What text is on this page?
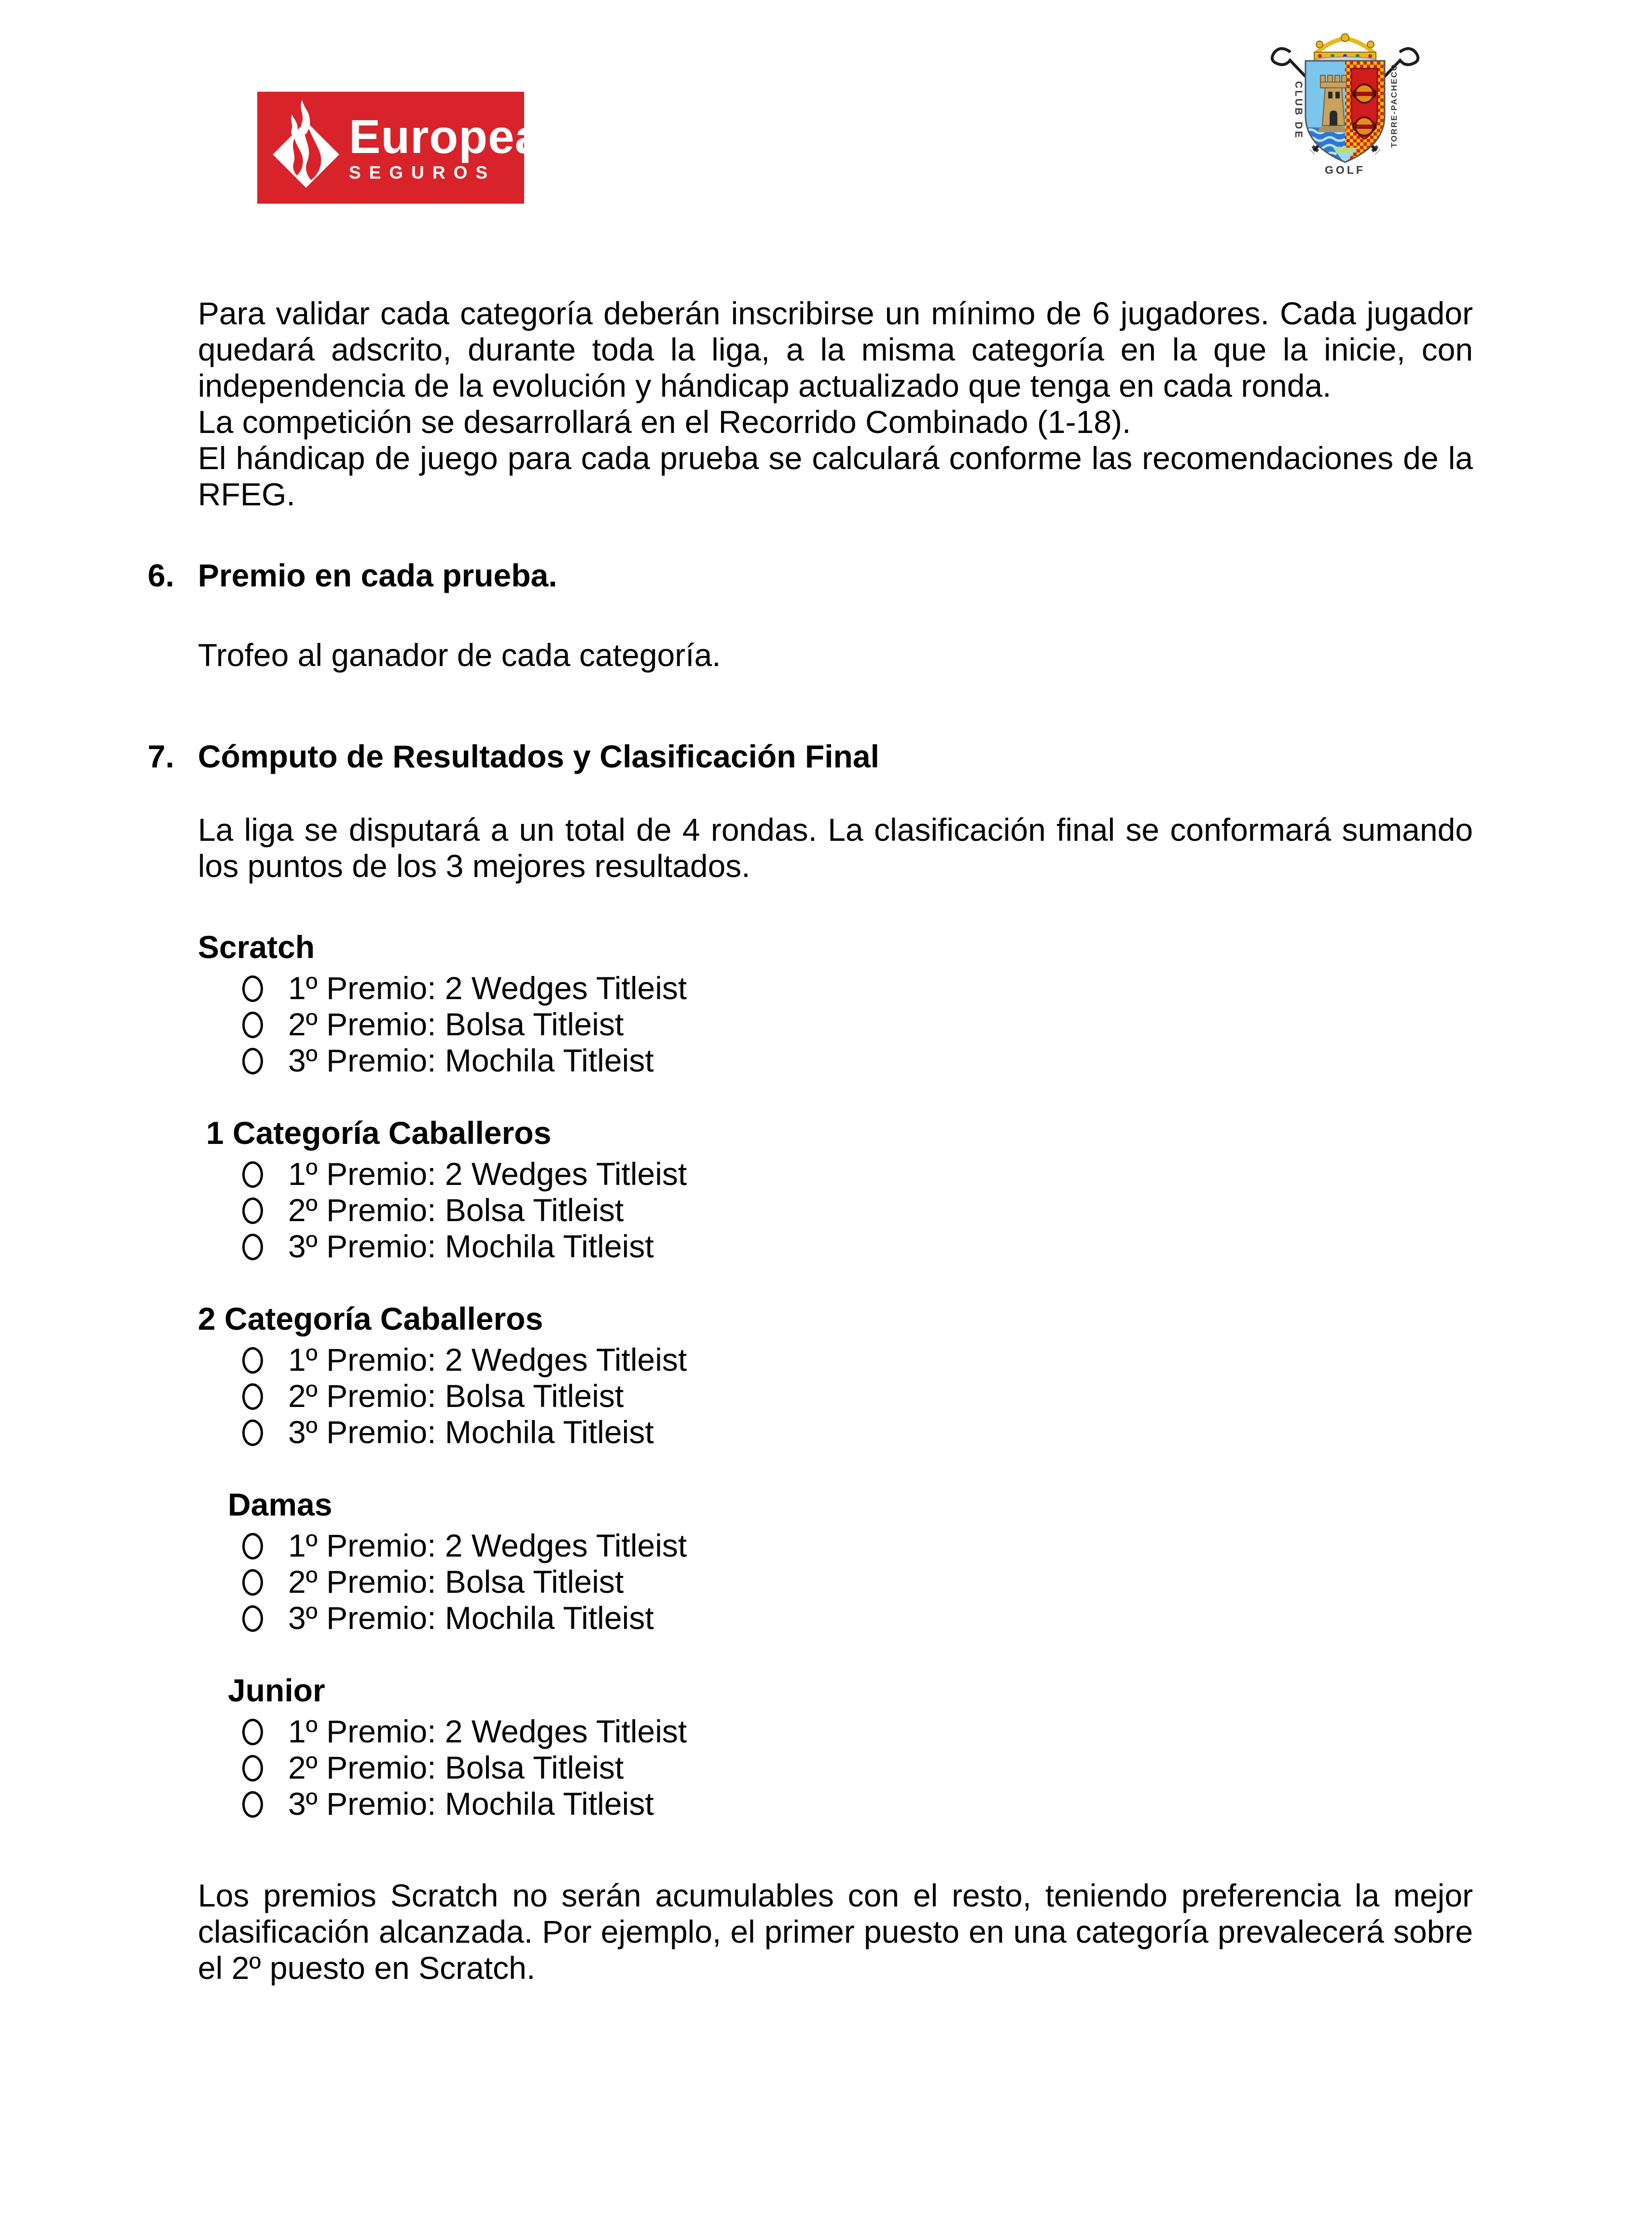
Europea
SEGUROS
CLUB DE	TORRE-PACHECO
GOLF
Para validar cada categoría deberán inscribirse un mínimo de 6 jugadores. Cada jugador quedará adscrito, durante toda la liga, a la misma categoría en la que la inicie, con independencia de la evolución y hándicap actualizado que tenga en cada ronda.
La competición se desarrollará en el Recorrido Combinado (1-18).
El hándicap de juego para cada prueba se calculará conforme las recomendaciones de la RFEG.
6. Premio en cada prueba.
Trofeo al ganador de cada categoría.
7. Cómputo de Resultados y Clasificación Final
La liga se disputará a un total de 4 rondas. La clasificación final se conformará sumando los puntos de los 3 mejores resultados.
Scratch
1º Premio: 2 Wedges Titleist
2º Premio: Bolsa Titleist
3º Premio: Mochila Titleist
1 Categoría Caballeros
1º Premio: 2 Wedges Titleist
2º Premio: Bolsa Titleist
3º Premio: Mochila Titleist
2 Categoría Caballeros
1º Premio: 2 Wedges Titleist
2º Premio: Bolsa Titleist
3º Premio: Mochila Titleist
Damas
1º Premio: 2 Wedges Titleist
2º Premio: Bolsa Titleist
3º Premio: Mochila Titleist
Junior
1º Premio: 2 Wedges Titleist
2º Premio: Bolsa Titleist
3º Premio: Mochila Titleist
Los premios Scratch no serán acumulables con el resto, teniendo preferencia la mejor clasificación alcanzada. Por ejemplo, el primer puesto en una categoría prevalecerá sobre el 2º puesto en Scratch.
